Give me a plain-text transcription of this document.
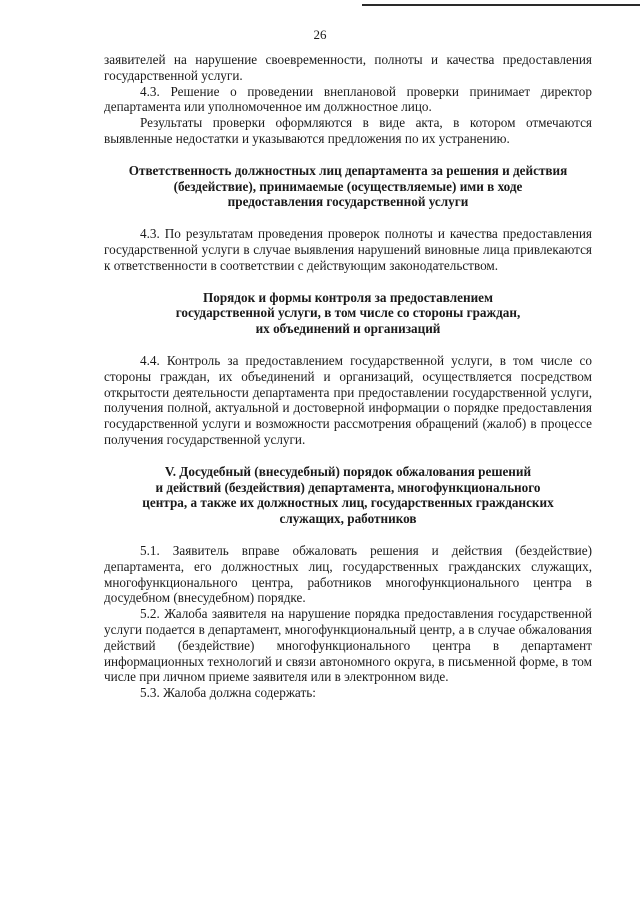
26

заявителей на нарушение своевременности, полноты и качества предоставления государственной услуги.

4.3. Решение о проведении внеплановой проверки принимает директор департамента или уполномоченное им должностное лицо.

Результаты проверки оформляются в виде акта, в котором отмечаются выявленные недостатки и указываются предложения по их устранению.

Ответственность должностных лиц департамента за решения и действия
(бездействие), принимаемые (осуществляемые) ими в ходе
предоставления государственной услуги

4.3. По результатам проведения проверок полноты и качества предоставления государственной услуги в случае выявления нарушений виновные лица привлекаются к ответственности в соответствии с действующим законодательством.

Порядок и формы контроля за предоставлением
государственной услуги, в том числе со стороны граждан,
их объединений и организаций

4.4. Контроль за предоставлением государственной услуги, в том числе со стороны граждан, их объединений и организаций, осуществляется посредством открытости деятельности департамента при предоставлении государственной услуги, получения полной, актуальной и достоверной информации о порядке предоставления государственной услуги и возможности рассмотрения обращений (жалоб) в процессе получения государственной услуги.

V. Досудебный (внесудебный) порядок обжалования решений
и действий (бездействия) департамента, многофункционального
центра, а также их должностных лиц, государственных гражданских
служащих, работников

5.1. Заявитель вправе обжаловать решения и действия (бездействие) департамента, его должностных лиц, государственных гражданских служащих, многофункционального центра, работников многофункционального центра в досудебном (внесудебном) порядке.

5.2. Жалоба заявителя на нарушение порядка предоставления государственной услуги подается в департамент, многофункциональный центр, а в случае обжалования действий (бездействие) многофункционального центра в департамент информационных технологий и связи автономного округа, в письменной форме, в том числе при личном приеме заявителя или в электронном виде.

5.3. Жалоба должна содержать:
